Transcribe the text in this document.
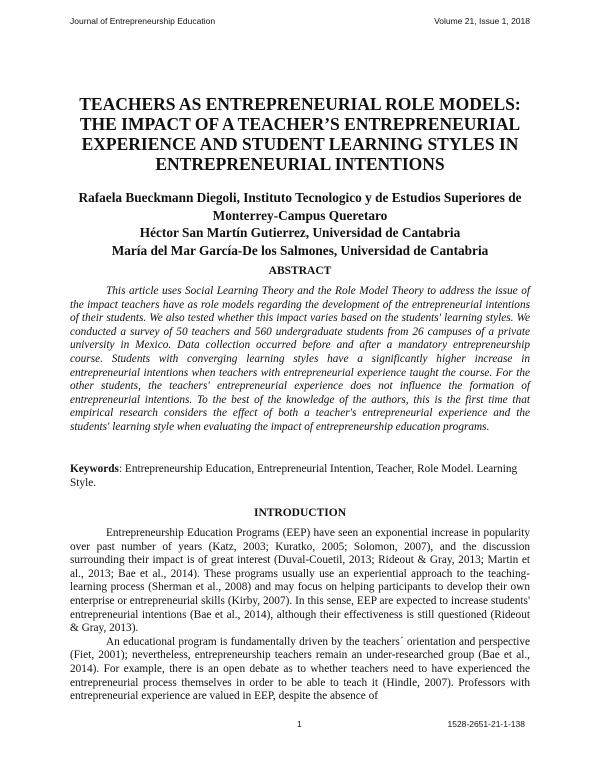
Journal of Entrepreneurship Education	Volume 21, Issue 1, 2018
TEACHERS AS ENTREPRENEURIAL ROLE MODELS: THE IMPACT OF A TEACHER’S ENTREPRENEURIAL EXPERIENCE AND STUDENT LEARNING STYLES IN ENTREPRENEURIAL INTENTIONS
Rafaela Bueckmann Diegoli, Instituto Tecnologico y de Estudios Superiores de Monterrey-Campus Queretaro
Héctor San Martín Gutierrez, Universidad de Cantabria
María del Mar García-De los Salmones, Universidad de Cantabria
ABSTRACT

This article uses Social Learning Theory and the Role Model Theory to address the issue of the impact teachers have as role models regarding the development of the entrepreneurial intentions of their students. We also tested whether this impact varies based on the students' learning styles. We conducted a survey of 50 teachers and 560 undergraduate students from 26 campuses of a private university in Mexico. Data collection occurred before and after a mandatory entrepreneurship course. Students with converging learning styles have a significantly higher increase in entrepreneurial intentions when teachers with entrepreneurial experience taught the course. For the other students, the teachers' entrepreneurial experience does not influence the formation of entrepreneurial intentions. To the best of the knowledge of the authors, this is the first time that empirical research considers the effect of both a teacher's entrepreneurial experience and the students' learning style when evaluating the impact of entrepreneurship education programs.

Keywords: Entrepreneurship Education, Entrepreneurial Intention, Teacher, Role Model. Learning Style.
INTRODUCTION

Entrepreneurship Education Programs (EEP) have seen an exponential increase in popularity over past number of years (Katz, 2003; Kuratko, 2005; Solomon, 2007), and the discussion surrounding their impact is of great interest (Duval-Couetil, 2013; Rideout & Gray, 2013; Martin et al., 2013; Bae et al., 2014). These programs usually use an experiential approach to the teaching-learning process (Sherman et al., 2008) and may focus on helping participants to develop their own enterprise or entrepreneurial skills (Kirby, 2007). In this sense, EEP are expected to increase students' entrepreneurial intentions (Bae et al., 2014), although their effectiveness is still questioned (Rideout & Gray, 2013).

An educational program is fundamentally driven by the teachers´ orientation and perspective (Fiet, 2001); nevertheless, entrepreneurship teachers remain an under-researched group (Bae et al., 2014). For example, there is an open debate as to whether teachers need to have experienced the entrepreneurial process themselves in order to be able to teach it (Hindle, 2007). Professors with entrepreneurial experience are valued in EEP, despite the absence of

1	1528-2651-21-1-138
